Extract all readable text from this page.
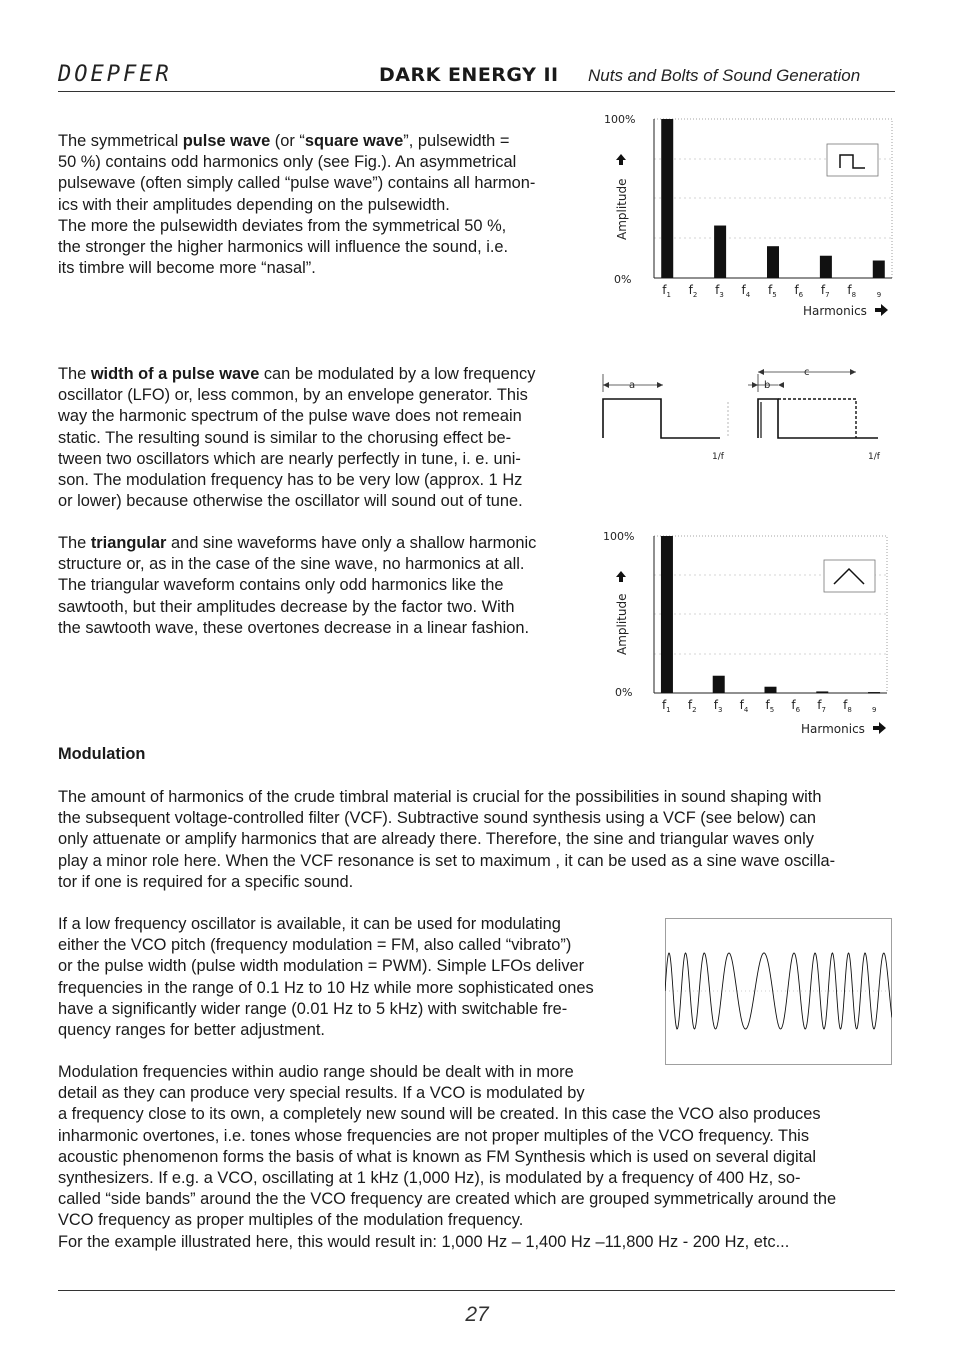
DOEPFER	DARK ENERGY II Nuts and Bolts of Sound Generation

The symmetrical pulse wave (or “square wave”, pulsewidth =

50 %) contains odd harmonics only (see Fig.). An asymmetrical

pulsewave (often simply called “pulse wave”) contains all harmon-

ics with their amplitudes depending on the pulsewidth.

The more the pulsewidth deviates from the symmetrical 50 %,

the stronger the higher harmonics will influence the sound, i.e.

its timbre will become more “nasal”.

100%
0%
Amplitude
$f_1$ $f_2$ $f_3$ $f_4$ $f_5$ $f_6$ $f_7$ $f_8$	9
Harmonics

The width of a pulse wave can be modulated by a low frequency

oscillator (LFO) or, less common, by an envelope generator. This

way the harmonic spectrum of the pulse wave does not remeain

static. The resulting sound is similar to the chorusing effect be-

tween two oscillators which are nearly perfectly in tune, i. e. uni-

son. The modulation frequency has to be very low (approx. 1 Hz

or lower) because otherwise the oscillator will sound out of tune.

a
1/f
c
b
1/f

The triangular and sine waveforms have only a shallow harmonic

structure or, as in the case of the sine wave, no harmonics at all.

The triangular waveform contains only odd harmonics like the

sawtooth, but their amplitudes decrease by the factor two. With

the sawtooth wave, these overtones decrease in a linear fashion.

100%
0%
Amplitude
$f_1$ $f_2$ $f_3$ $f_4$ $f_5$ $f_6$ $f_7$ $f_8$	9
Harmonics
Modulation

The amount of harmonics of the crude timbral material is crucial for the possibilities in sound shaping with

the subsequent voltage-controlled filter (VCF). Subtractive sound synthesis using a VCF (see below) can

only attuenate or amplify harmonics that are already there. Therefore, the sine and triangular waves only

play a minor role here. When the VCF resonance is set to maximum , it can be used as a sine wave oscilla-

tor if one is required for a specific sound.

If a low frequency oscillator is available, it can be used for modulating

either the VCO pitch (frequency modulation = FM, also called “vibrato”)

or the pulse width (pulse width modulation = PWM). Simple LFOs deliver

frequencies in the range of 0.1 Hz to 10 Hz while more sophisticated ones

have a significantly wider range (0.01 Hz to 5 kHz) with switchable fre-

quency ranges for better adjustment.

Modulation frequencies within audio range should be dealt with in more

detail as they can produce very special results. If a VCO is modulated by

a frequency close to its own, a completely new sound will be created. In this case the VCO also produces

inharmonic overtones, i.e. tones whose frequencies are not proper multiples of the VCO frequency. This

acoustic phenomenon forms the basis of what is known as FM Synthesis which is used on several digital

synthesizers. If e.g. a VCO, oscillating at 1 kHz (1,000 Hz), is modulated by a frequency of 400 Hz, so-

called “side bands” around the the VCO frequency are created which are grouped symmetrically around the

VCO frequency as proper multiples of the modulation frequency.

For the example illustrated here, this would result in: 1,000 Hz – 1,400 Hz –11,800 Hz - 200 Hz, etc...

27
